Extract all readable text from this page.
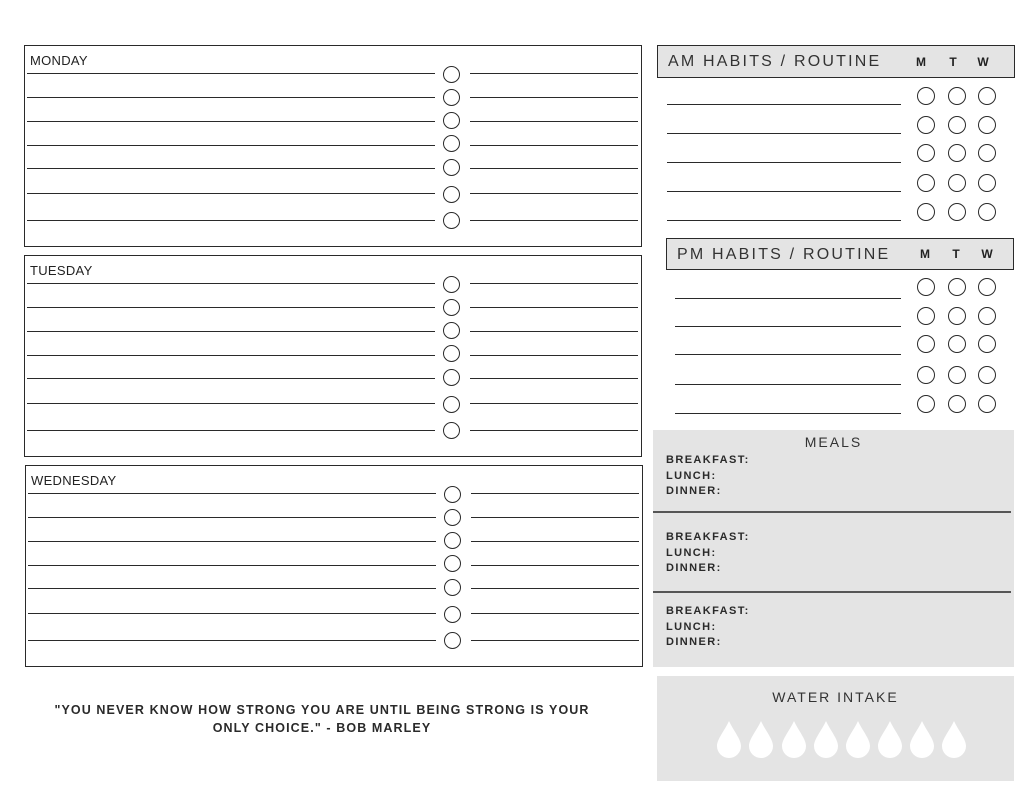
MONDAY
TUESDAY
WEDNESDAY
AM HABITS / ROUTINE	M	T	W
PM HABITS / ROUTINE	M	T	W
MEALS
BREAKFAST:
LUNCH:
DINNER:
BREAKFAST:
LUNCH:
DINNER:
BREAKFAST:
LUNCH:
DINNER:
WATER INTAKE
"YOU NEVER KNOW HOW STRONG YOU ARE UNTIL BEING STRONG IS YOUR
ONLY CHOICE." - BOB MARLEY
